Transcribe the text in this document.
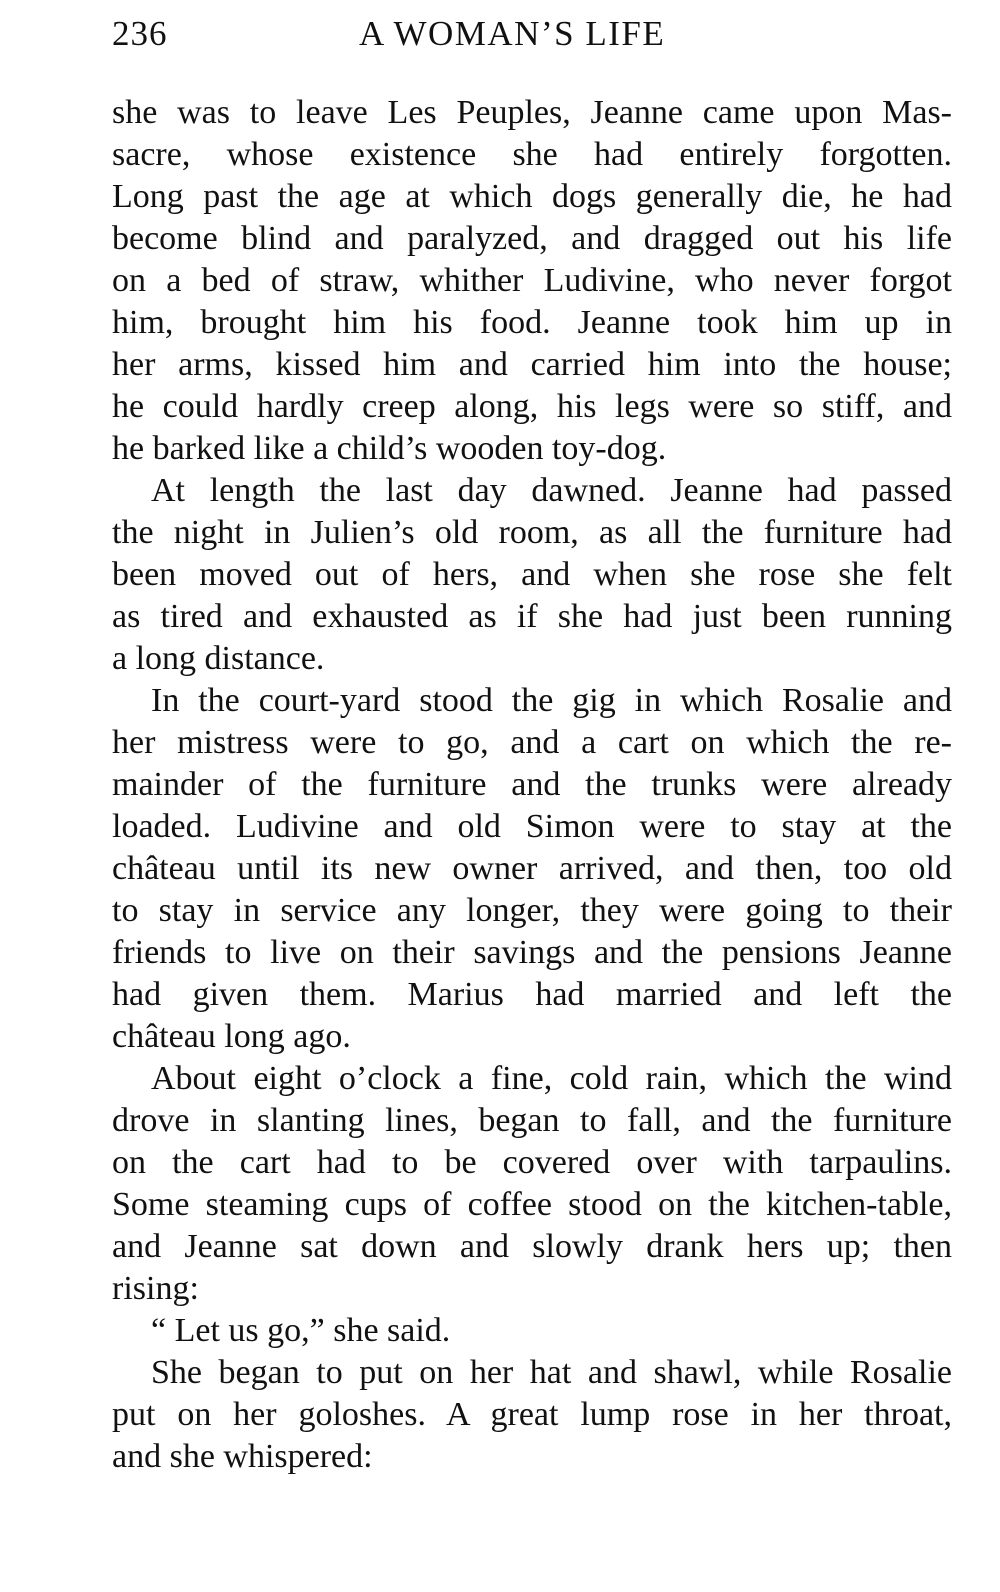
236	A WOMAN’S LIFE
she was to leave Les Peuples, Jeanne came upon Mas-
sacre, whose existence she had entirely forgotten.
Long past the age at which dogs generally die, he had
become blind and paralyzed, and dragged out his life
on a bed of straw, whither Ludivine, who never forgot
him, brought him his food. Jeanne took him up in
her arms, kissed him and carried him into the house;
he could hardly creep along, his legs were so stiff, and
he barked like a child’s wooden toy-dog.
At length the last day dawned. Jeanne had passed
the night in Julien’s old room, as all the furniture had
been moved out of hers, and when she rose she felt
as tired and exhausted as if she had just been running
a long distance.
In the court-yard stood the gig in which Rosalie and
her mistress were to go, and a cart on which the re-
mainder of the furniture and the trunks were already
loaded. Ludivine and old Simon were to stay at the
château until its new owner arrived, and then, too old
to stay in service any longer, they were going to their
friends to live on their savings and the pensions Jeanne
had given them. Marius had married and left the
château long ago.
About eight o’clock a fine, cold rain, which the wind
drove in slanting lines, began to fall, and the furniture
on the cart had to be covered over with tarpaulins.
Some steaming cups of coffee stood on the kitchen-table,
and Jeanne sat down and slowly drank hers up; then
rising:
“ Let us go,” she said.
She began to put on her hat and shawl, while Rosalie
put on her goloshes. A great lump rose in her throat,
and she whispered:
